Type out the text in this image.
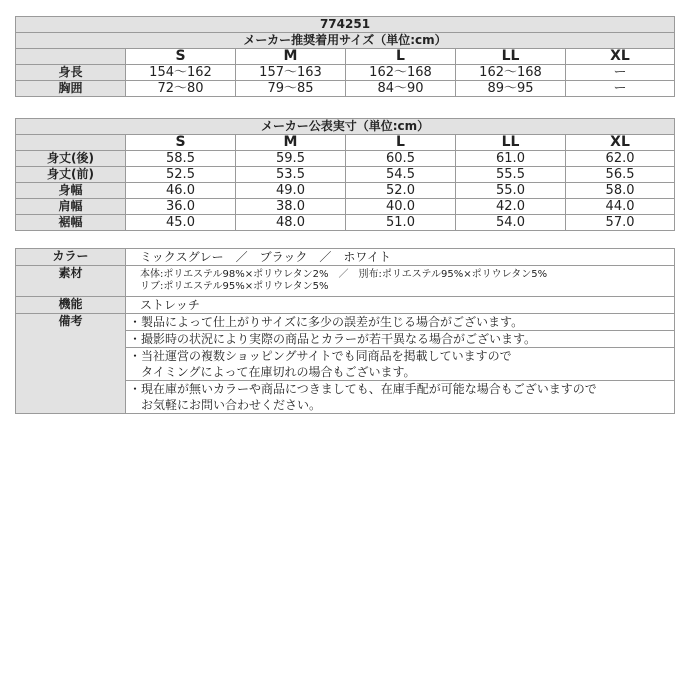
774251					
メーカー推奨着用サイズ（単位:cm）					
	S	M	L	LL	XL
身長	154〜162	157〜163	162〜168	162〜168	ー
胸囲	72〜80	79〜85	84〜90	89〜95	ー
メーカー公表実寸（単位:cm）					
	S	M	L	LL	XL
身丈(後)	58.5	59.5	60.5	61.0	62.0
身丈(前)	52.5	53.5	54.5	55.5	56.5
身幅	46.0	49.0	52.0	55.0	58.0
肩幅	36.0	38.0	40.0	42.0	44.0
裾幅	45.0	48.0	51.0	54.0	57.0
カラー	ミックスグレー　／　ブラック　／　ホワイト
素材	本体:ポリエステル98%×ポリウレタン2%　／　別布:ポリエステル95%×ポリウレタン5%
リブ:ポリエステル95%×ポリウレタン5%

機能	ストレッチ
備考	・製品によって仕上がりサイズに多少の誤差が生じる場合がございます。
	・撮影時の状況により実際の商品とカラーが若干異なる場合がございます。
	・当社運営の複数ショッピングサイトでも同商品を掲載していますので
タイミングによって在庫切れの場合もございます。

	・現在庫が無いカラーや商品につきましても、在庫手配が可能な場合もございますので
お気軽にお問い合わせください。
